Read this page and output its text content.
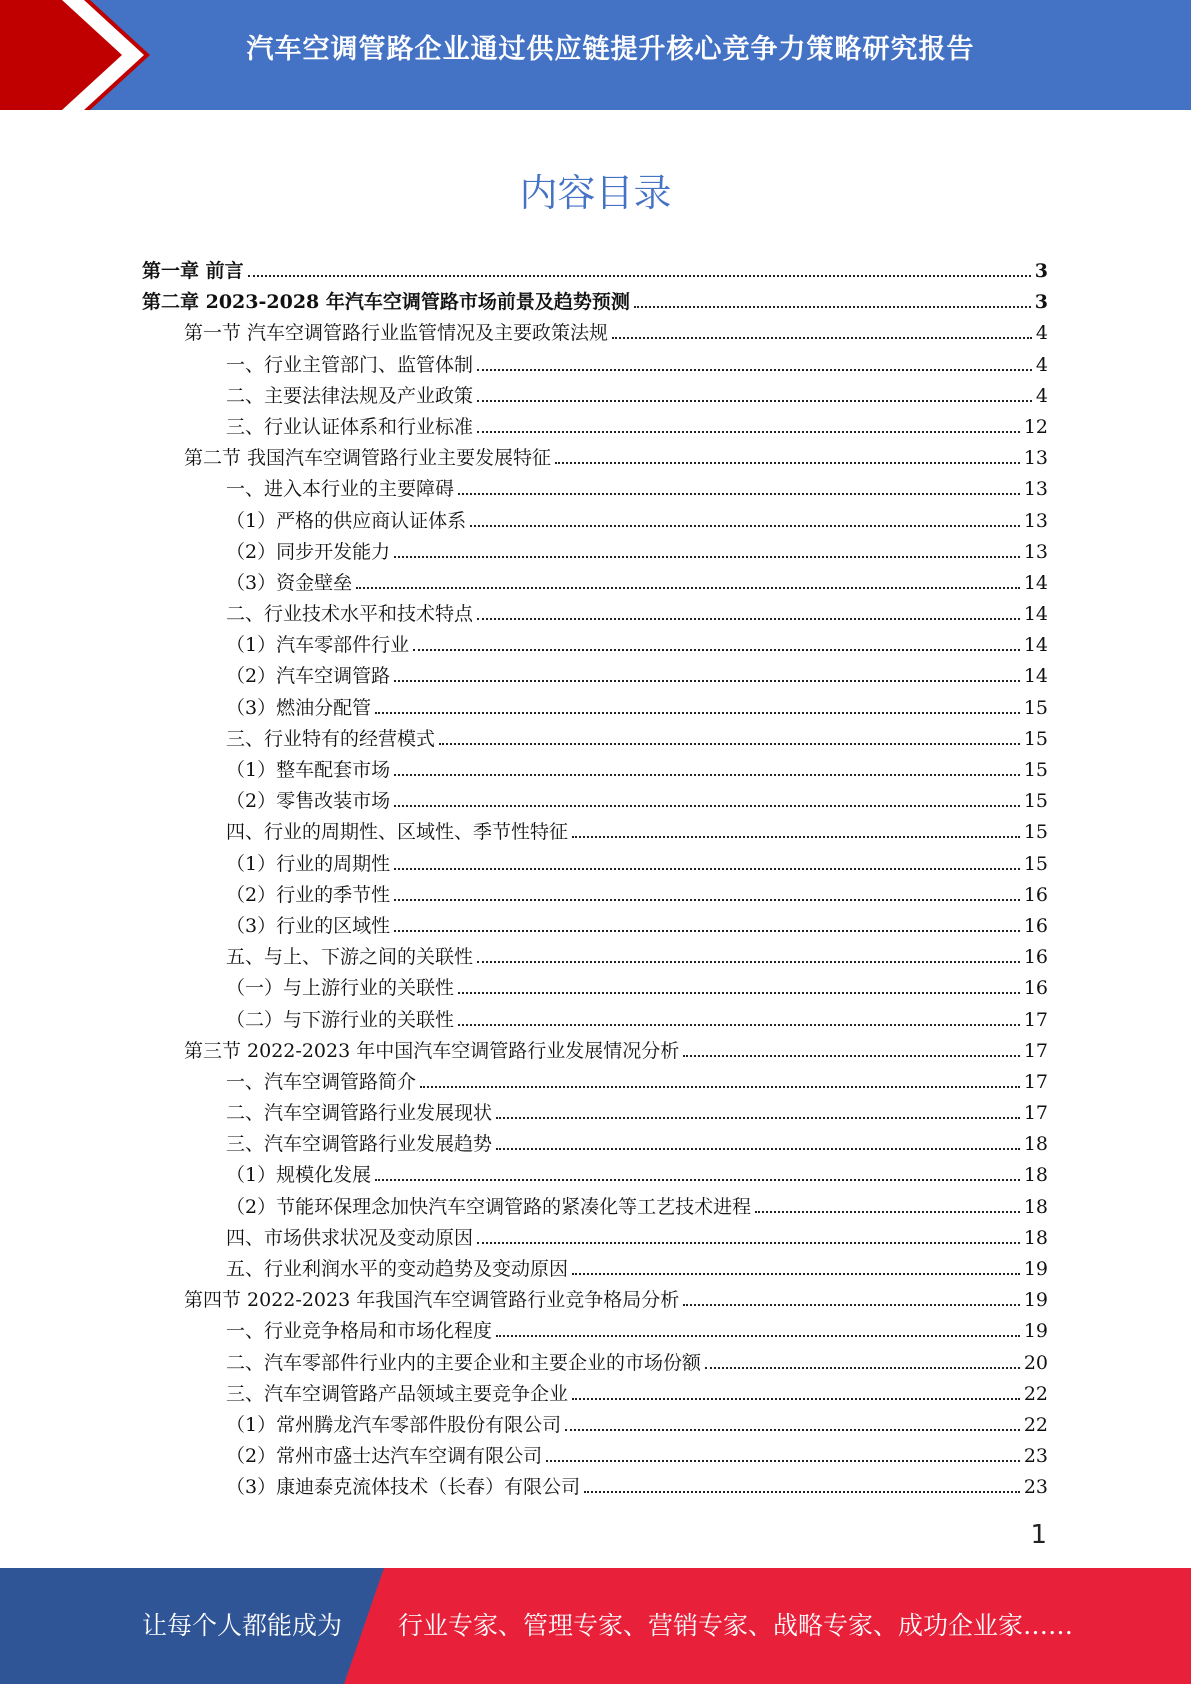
汽车空调管路企业通过供应链提升核心竞争力策略研究报告
内容目录
第一章 前言	3
第二章 2023-2028 年汽车空调管路市场前景及趋势预测	3
第一节 汽车空调管路行业监管情况及主要政策法规	4
一、行业主管部门、监管体制	4
二、主要法律法规及产业政策	4
三、行业认证体系和行业标准	12
第二节 我国汽车空调管路行业主要发展特征	13
一、进入本行业的主要障碍	13
（1）严格的供应商认证体系	13
（2）同步开发能力	13
（3）资金壁垒	14
二、行业技术水平和技术特点	14
（1）汽车零部件行业	14
（2）汽车空调管路	14
（3）燃油分配管	15
三、行业特有的经营模式	15
（1）整车配套市场	15
（2）零售改装市场	15
四、行业的周期性、区域性、季节性特征	15
（1）行业的周期性	15
（2）行业的季节性	16
（3）行业的区域性	16
五、与上、下游之间的关联性	16
（一）与上游行业的关联性	16
（二）与下游行业的关联性	17
第三节 2022-2023 年中国汽车空调管路行业发展情况分析	17
一、汽车空调管路简介	17
二、汽车空调管路行业发展现状	17
三、汽车空调管路行业发展趋势	18
（1）规模化发展	18
（2）节能环保理念加快汽车空调管路的紧凑化等工艺技术进程	18
四、市场供求状况及变动原因	18
五、行业利润水平的变动趋势及变动原因	19
第四节 2022-2023 年我国汽车空调管路行业竞争格局分析	19
一、行业竞争格局和市场化程度	19
二、汽车零部件行业内的主要企业和主要企业的市场份额	20
三、汽车空调管路产品领域主要竞争企业	22
（1）常州腾龙汽车零部件股份有限公司	22
（2）常州市盛士达汽车空调有限公司	23
（3）康迪泰克流体技术（长春）有限公司	23
1
让每个人都能成为 行业专家、管理专家、营销专家、战略专家、成功企业家……
